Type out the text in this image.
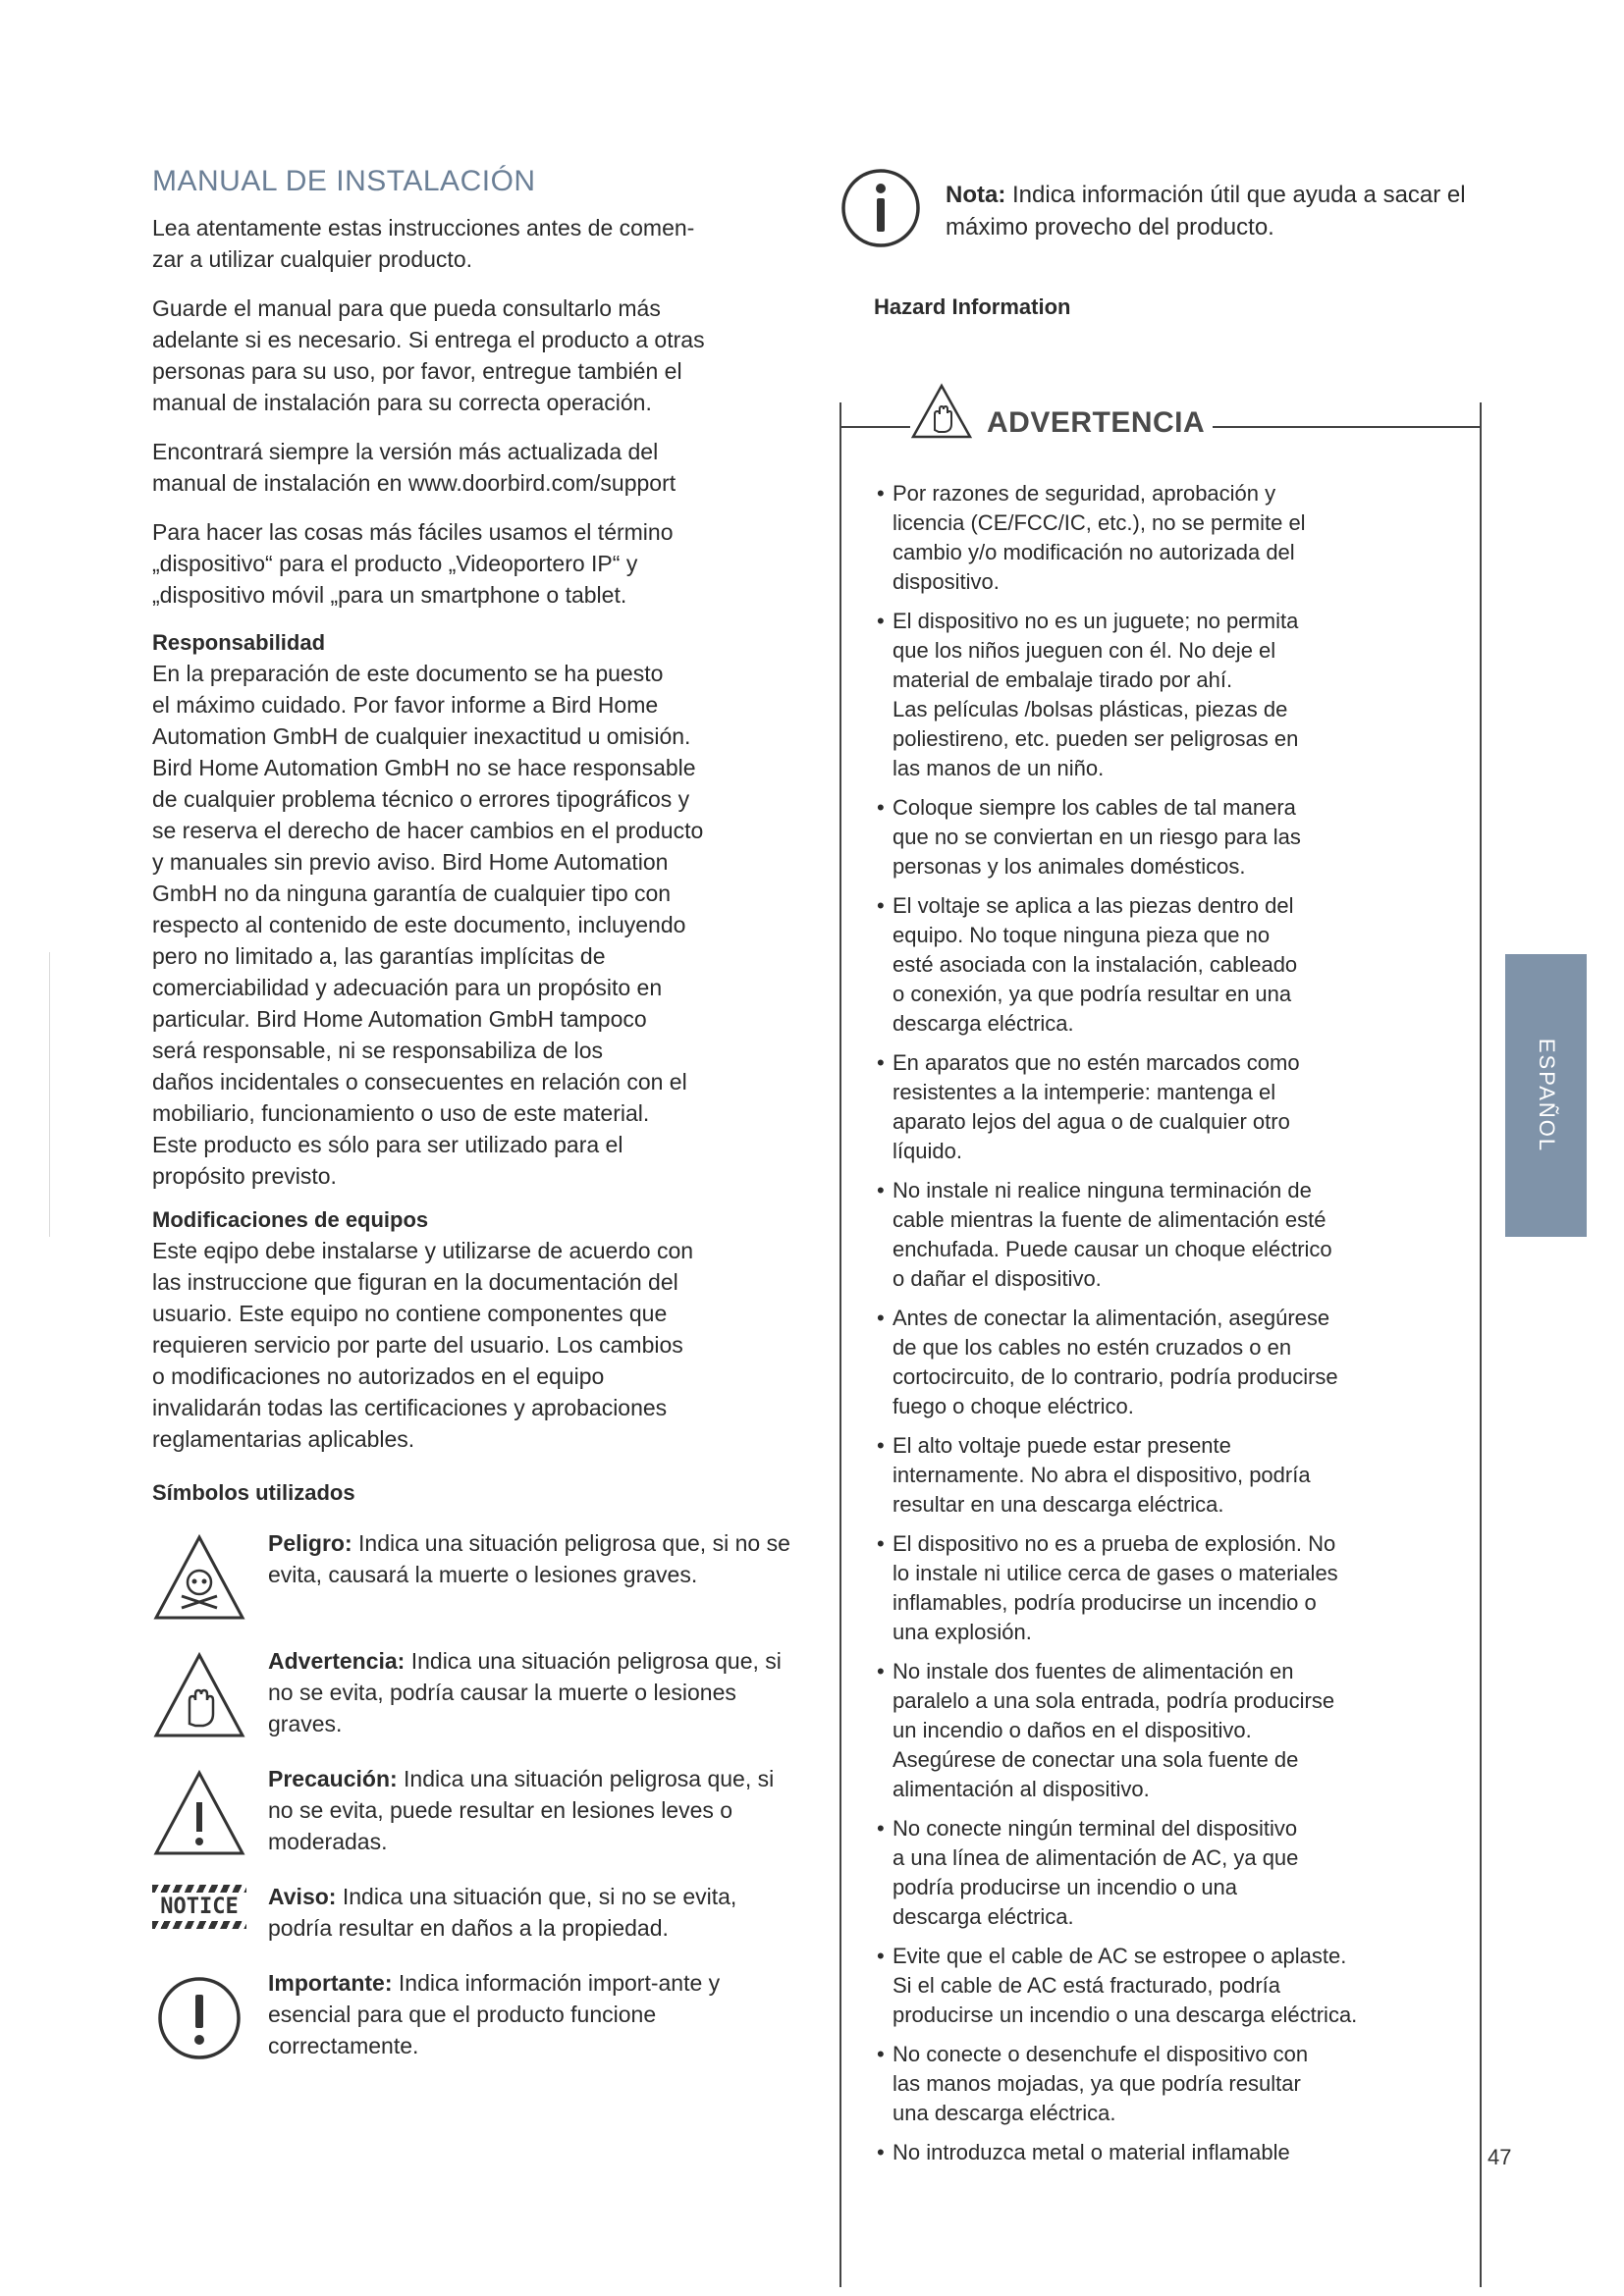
MANUAL DE INSTALACIÓN

Lea atentamente estas instrucciones antes de comen-
zar a utilizar cualquier producto.

Guarde el manual para que pueda consultarlo más
adelante si es necesario. Si entrega el producto a otras
personas para su uso, por favor, entregue también el
manual de instalación para su correcta operación.

Encontrará siempre la versión más actualizada del
manual de instalación en www.doorbird.com/support

Para hacer las cosas más fáciles usamos el término
„dispositivo“ para el producto „Videoportero IP“ y
„dispositivo móvil „para un smartphone o tablet.

Responsabilidad

En la preparación de este documento se ha puesto
el máximo cuidado. Por favor informe a Bird Home
Automation GmbH de cualquier inexactitud u omisión.
Bird Home Automation GmbH no se hace responsable
de cualquier problema técnico o errores tipográficos y
se reserva el derecho de hacer cambios en el producto
y manuales sin previo aviso. Bird Home Automation
GmbH no da ninguna garantía de cualquier tipo con
respecto al contenido de este documento, incluyendo
pero no limitado a, las garantías implícitas de
comerciabilidad y adecuación para un propósito en
particular. Bird Home Automation GmbH tampoco
será responsable, ni se responsabiliza de los
daños incidentales o consecuentes en relación con el
mobiliario, funcionamiento o uso de este material.
Este producto es sólo para ser utilizado para el
propósito previsto.

Modificaciones de equipos

Este eqipo debe instalarse y utilizarse de acuerdo con
las instruccione que figuran en la documentación del
usuario. Este equipo no contiene componentes que
requieren servicio por parte del usuario. Los cambios
o modificaciones no autorizados en el equipo
invalidarán todas las certificaciones y aprobaciones
reglamentarias aplicables.

Símbolos utilizados
Peligro: Indica una situación peligrosa que, si no se evita, causará la muerte o lesiones graves.
Advertencia: Indica una situación peligrosa que, si no se evita, podría causar la muerte o lesiones graves.
Precaución: Indica una situación peligrosa que, si no se evita, puede resultar en lesiones leves o moderadas.
NOTICE	Aviso: Indica una situación que, si no se evita, podría resultar en daños a la propiedad.
Importante: Indica información import-ante y esencial para que el producto funcione correctamente.
Nota: Indica información útil que ayuda a sacar el máximo provecho del producto.
Hazard Information
ADVERTENCIA
• Por razones de seguridad, aprobación y
licencia (CE/FCC/IC, etc.), no se permite el
cambio y/o modificación no autorizada del
dispositivo.
• El dispositivo no es un juguete; no permita
que los niños jueguen con él. No deje el
material de embalaje tirado por ahí.
Las películas /bolsas plásticas, piezas de
poliestireno, etc. pueden ser peligrosas en
las manos de un niño.
• Coloque siempre los cables de tal manera
que no se conviertan en un riesgo para las
personas y los animales domésticos.
• El voltaje se aplica a las piezas dentro del
equipo. No toque ninguna pieza que no
esté asociada con la instalación, cableado
o conexión, ya que podría resultar en una
descarga eléctrica.
• En aparatos que no estén marcados como
resistentes a la intemperie: mantenga el
aparato lejos del agua o de cualquier otro
líquido.
• No instale ni realice ninguna terminación de
cable mientras la fuente de alimentación esté
enchufada. Puede causar un choque eléctrico
o dañar el dispositivo.
• Antes de conectar la alimentación, asegúrese
de que los cables no estén cruzados o en
cortocircuito, de lo contrario, podría producirse
fuego o choque eléctrico.
• El alto voltaje puede estar presente
internamente. No abra el dispositivo, podría
resultar en una descarga eléctrica.
• El dispositivo no es a prueba de explosión. No
lo instale ni utilice cerca de gases o materiales
inflamables, podría producirse un incendio o
una explosión.
• No instale dos fuentes de alimentación en
paralelo a una sola entrada, podría producirse
un incendio o daños en el dispositivo.
Asegúrese de conectar una sola fuente de
alimentación al dispositivo.
• No conecte ningún terminal del dispositivo
a una línea de alimentación de AC, ya que
podría producirse un incendio o una
descarga eléctrica.
• Evite que el cable de AC se estropee o aplaste.
Si el cable de AC está fracturado, podría
producirse un incendio o una descarga eléctrica.
• No conecte o desenchufe el dispositivo con
las manos mojadas, ya que podría resultar
una descarga eléctrica.
• No introduzca metal o material inflamable
ESPAÑOL
47
